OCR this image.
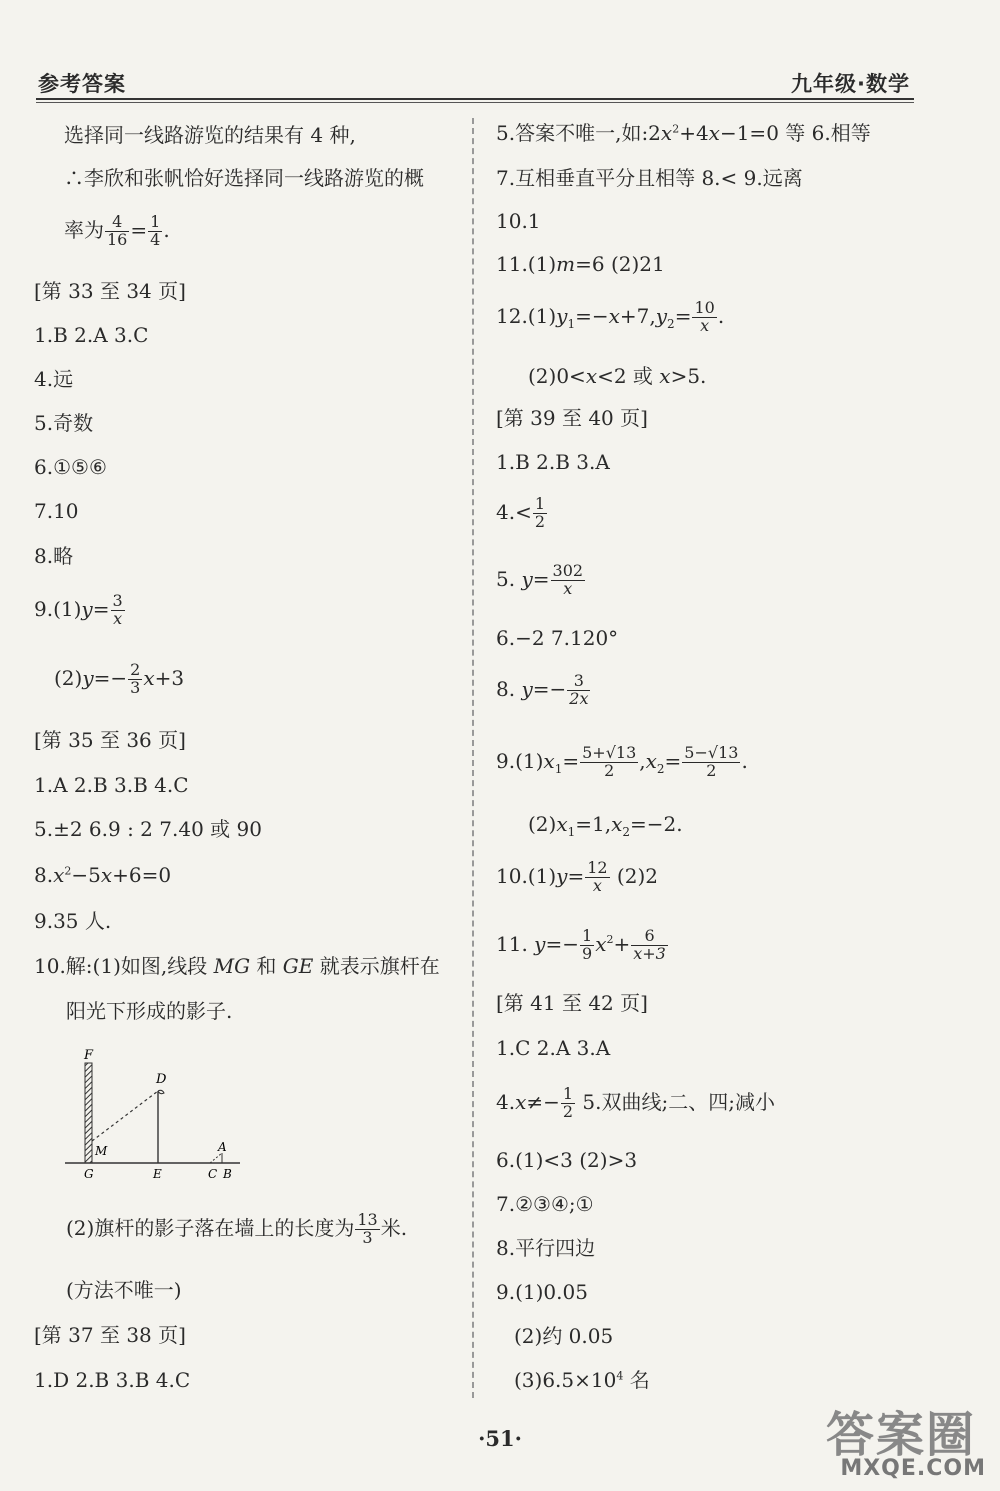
参考答案	九年级·数学
选择同一线路游览的结果有 4 种,
∴李欣和张帆恰好选择同一线路游览的概
率为 $\frac{4}{16} = \frac{1}{4}$ .
[第 33 至 34 页]
1.B 2.A 3.C
4.远
5.奇数
6.①⑤⑥
7.10
8.略
$9.(1)y= \frac{3}{x}$
$(2)y=- \frac{2}{3} x+3$
[第 35 至 36 页]
1.A 2.B 3.B 4.C
5.±2 6.9 : 2 7.40 或 90
$8.x^2-5x+6=0$
9.35 人.
10.解:(1)如图,线段 MG 和 GE 就表示旗杆在
阳光下形成的影子.
(2)旗杆的影子落在墙上的长度为 $\frac{13}{3}$ 米.
(方法不唯一)
[第 37 至 38 页]
1.D 2.B 3.B 4.C
F
D
M	A
G	E	C B
5.答案不唯一,如$:2x^2+4x-1=0$ 等 6.相等
7.互相垂直平分且相等 8.< 9.远离
10.1
11.(1)m=6 (2)21
$12.(1)y_1=-x+7,y_2= \frac{10}{x}$ .
(2)0<x<2 或 x>5.
[第 39 至 40 页]
1.B 2.B 3.A
$4.< \frac{1}{2}$
5. $y= \frac{302}{x}$
6.−2 7.120°
8. $y=- \frac{3}{2x}$
$9.(1)x_1= \frac{5+√13}{2} ,x_2= \frac{5-√13}{2}$ .
$(2)x_1=1,x_2=-2$.
$10.(1)y= \frac{12}{x} (2)2$
11. $y=- \frac{1}{9} x^2+ \frac{6}{x+3}$
[第 41 至 42 页]
1.C 2.A 3.A
$4.x\ne- \frac{1}{2} 5$.双曲线;二、四;减小
6.(1)<3 (2)>3
7.②③④;①
8.平行四边
9.(1)0.05
(2)约 0.05
$(3)6.5\times 10^4$ 名
·51·	答案圈
MXQE.COM
